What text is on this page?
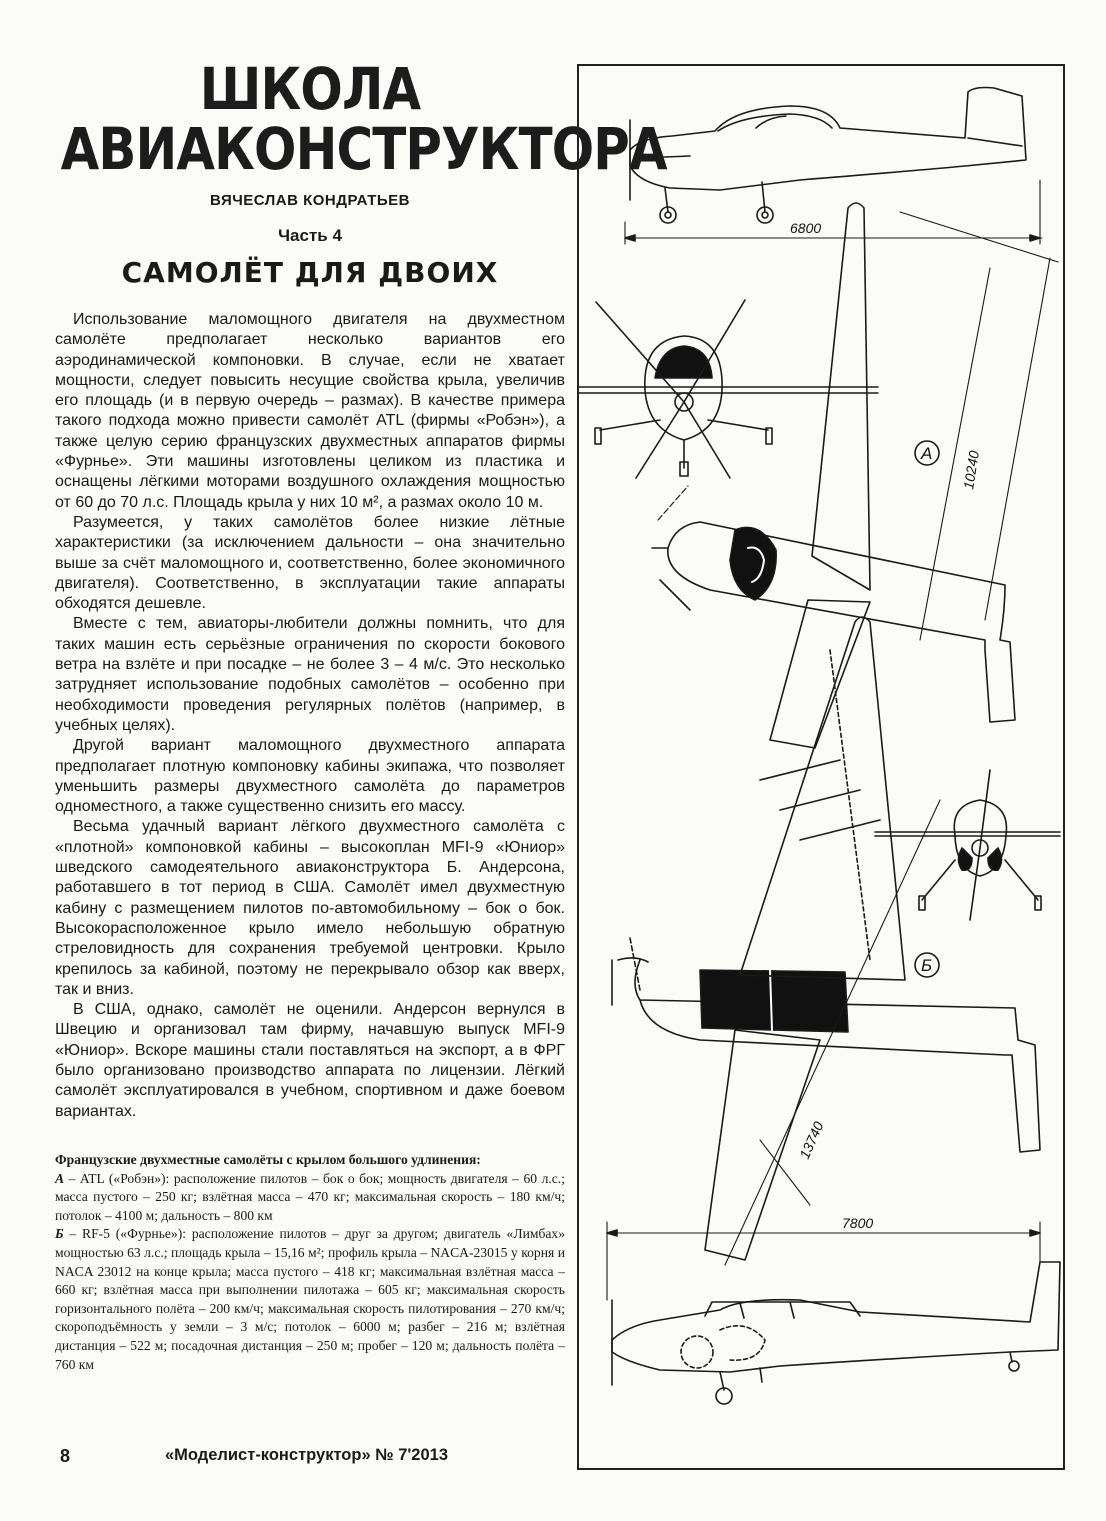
ШКОЛА
АВИАКОНСТРУКТОРА
ВЯЧЕСЛАВ КОНДРАТЬЕВ
Часть 4
САМОЛЁТ ДЛЯ ДВОИХ

Использование маломощного двигателя на двухместном самолёте предполагает несколько вариантов его аэродинамической компоновки. В случае, если не хватает мощности, следует повысить несущие свойства крыла, увеличив его площадь (и в первую очередь – размах). В качестве примера такого подхода можно привести самолёт ATL (фирмы «Робэн»), а также целую серию французских двухместных аппаратов фирмы «Фурнье». Эти машины изготовлены целиком из пластика и оснащены лёгкими моторами воздушного охлаждения мощностью от 60 до 70 л.с. Площадь крыла у них 10 м², а размах около 10 м.

Разумеется, у таких самолётов более низкие лётные характеристики (за исключением дальности – она значительно выше за счёт маломощного и, соответственно, более экономичного двигателя). Соответственно, в эксплуатации такие аппараты обходятся дешевле.

Вместе с тем, авиаторы-любители должны помнить, что для таких машин есть серьёзные ограничения по скорости бокового ветра на взлёте и при посадке – не более 3 – 4 м/с. Это несколько затрудняет использование подобных самолётов – особенно при необходимости проведения регулярных полётов (например, в учебных целях).

Другой вариант маломощного двухместного аппарата предполагает плотную компоновку кабины экипажа, что позволяет уменьшить размеры двухместного самолёта до параметров одноместного, а также существенно снизить его массу.

Весьма удачный вариант лёгкого двухместного самолёта с «плотной» компоновкой кабины – высокоплан MFI-9 «Юниор» шведского самодеятельного авиаконструктора Б. Андерсона, работавшего в тот период в США. Самолёт имел двухместную кабину с размещением пилотов по-автомобильному – бок о бок. Высокорасположенное крыло имело небольшую обратную стреловидность для сохранения требуемой центровки. Крыло крепилось за кабиной, поэтому не перекрывало обзор как вверх, так и вниз.

В США, однако, самолёт не оценили. Андерсон вернулся в Швецию и организовал там фирму, начавшую выпуск MFI-9 «Юниор». Вскоре машины стали поставляться на экспорт, а в ФРГ было организовано производство аппарата по лицензии. Лёгкий самолёт эксплуатировался в учебном, спортивном и даже боевом вариантах.

Французские двухместные самолёты с крылом большого удлинения:

А – ATL («Робэн»): расположение пилотов – бок о бок; мощность двигателя – 60 л.с.; масса пустого – 250 кг; взлётная масса – 470 кг; максимальная скорость – 180 км/ч; потолок – 4100 м; дальность – 800 км

Б – RF-5 («Фурнье»): расположение пилотов – друг за другом; двигатель «Лимбах» мощностью 63 л.с.; площадь крыла – 15,16 м²; профиль крыла – NACA-23015 у корня и NACA 23012 на конце крыла; масса пустого – 418 кг; максимальная взлётная масса – 660 кг; взлётная масса при выполнении пилотажа – 605 кг; максимальная скорость горизонтального полёта – 200 км/ч; максимальная скорость пилотирования – 270 км/ч; скороподъёмность у земли – 3 м/с; потолок – 6000 м; разбег – 216 м; взлётная дистанция – 522 м; посадочная дистанция – 250 м; пробег – 120 м; дальность полёта – 760 км

8	«Моделист-конструктор» № 7'2013
А
Б
6800
10240
13740
7800
